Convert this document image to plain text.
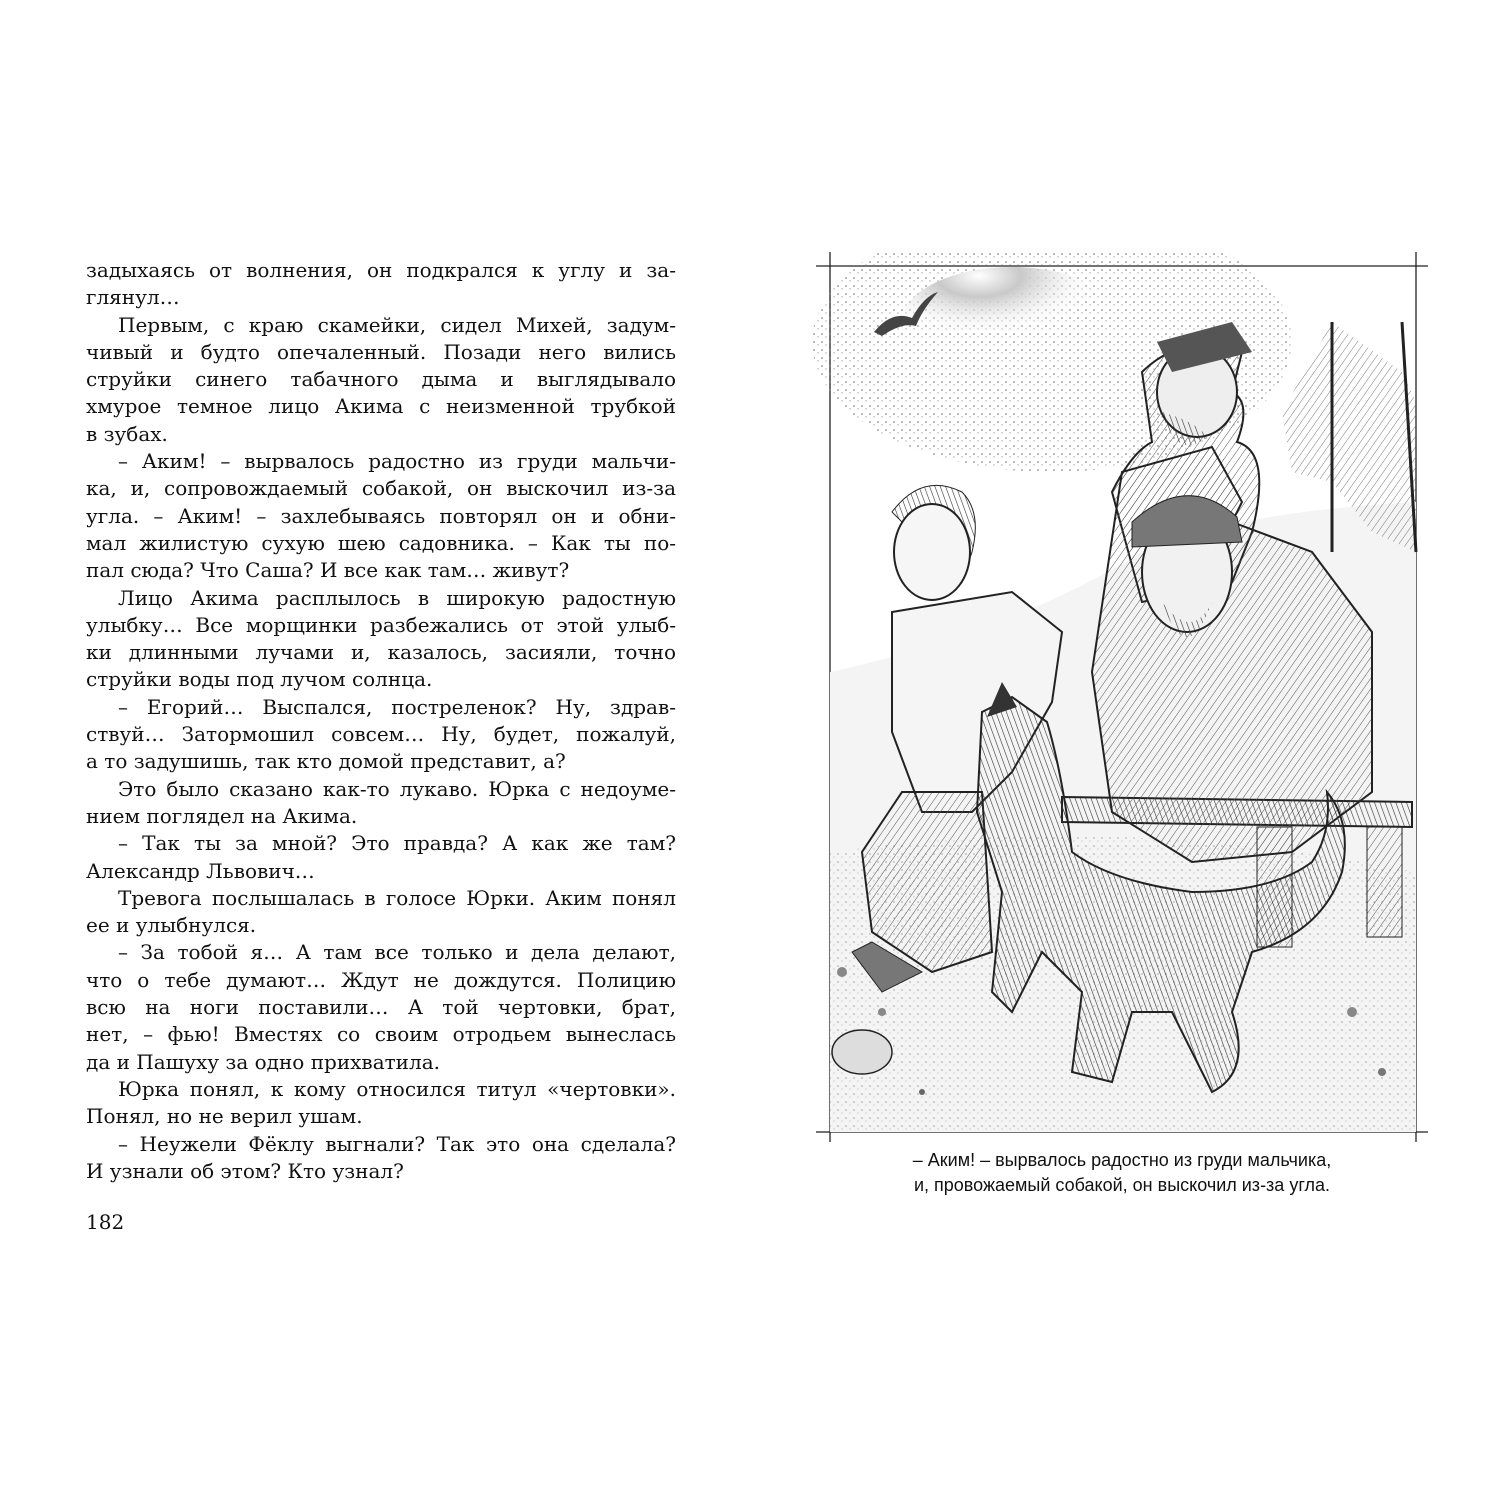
задыхаясь от волнения, он подкрался к углу и за-
глянул…
Первым, с краю скамейки, сидел Михей, задум-
чивый и будто опечаленный. Позади него вились
струйки синего табачного дыма и выглядывало
хмурое темное лицо Акима с неизменной трубкой
в зубах.
– Аким! – вырвалось радостно из груди мальчи-
ка, и, сопровождаемый собакой, он выскочил из-за
угла. – Аким! – захлебываясь повторял он и обни-
мал жилистую сухую шею садовника. – Как ты по-
пал сюда? Что Саша? И все как там… живут?
Лицо Акима расплылось в широкую радостную
улыбку… Все морщинки разбежались от этой улыб-
ки длинными лучами и, казалось, засияли, точно
струйки воды под лучом солнца.
– Егорий… Выспался, постреленок? Ну, здрав-
ствуй… Затормошил совсем… Ну, будет, пожалуй,
а то задушишь, так кто домой представит, а?
Это было сказано как-то лукаво. Юрка с недоуме-
нием поглядел на Акима.
– Так ты за мной? Это правда? А как же там?
Александр Львович…
Тревога послышалась в голосе Юрки. Аким понял
ее и улыбнулся.
– За тобой я… А там все только и дела делают,
что о тебе думают… Ждут не дождутся. Полицию
всю на ноги поставили… А той чертовки, брат,
нет, – фью! Вместях со своим отродьем вынеслась
да и Пашуху за одно прихватила.
Юрка понял, к кому относился титул «чертовки».
Понял, но не верил ушам.
– Неужели Фёклу выгнали? Так это она сделала?
И узнали об этом? Кто узнал?
182
– Аким! – вырвалось радостно из груди мальчика,
и, провожаемый собакой, он выскочил из-за угла.
